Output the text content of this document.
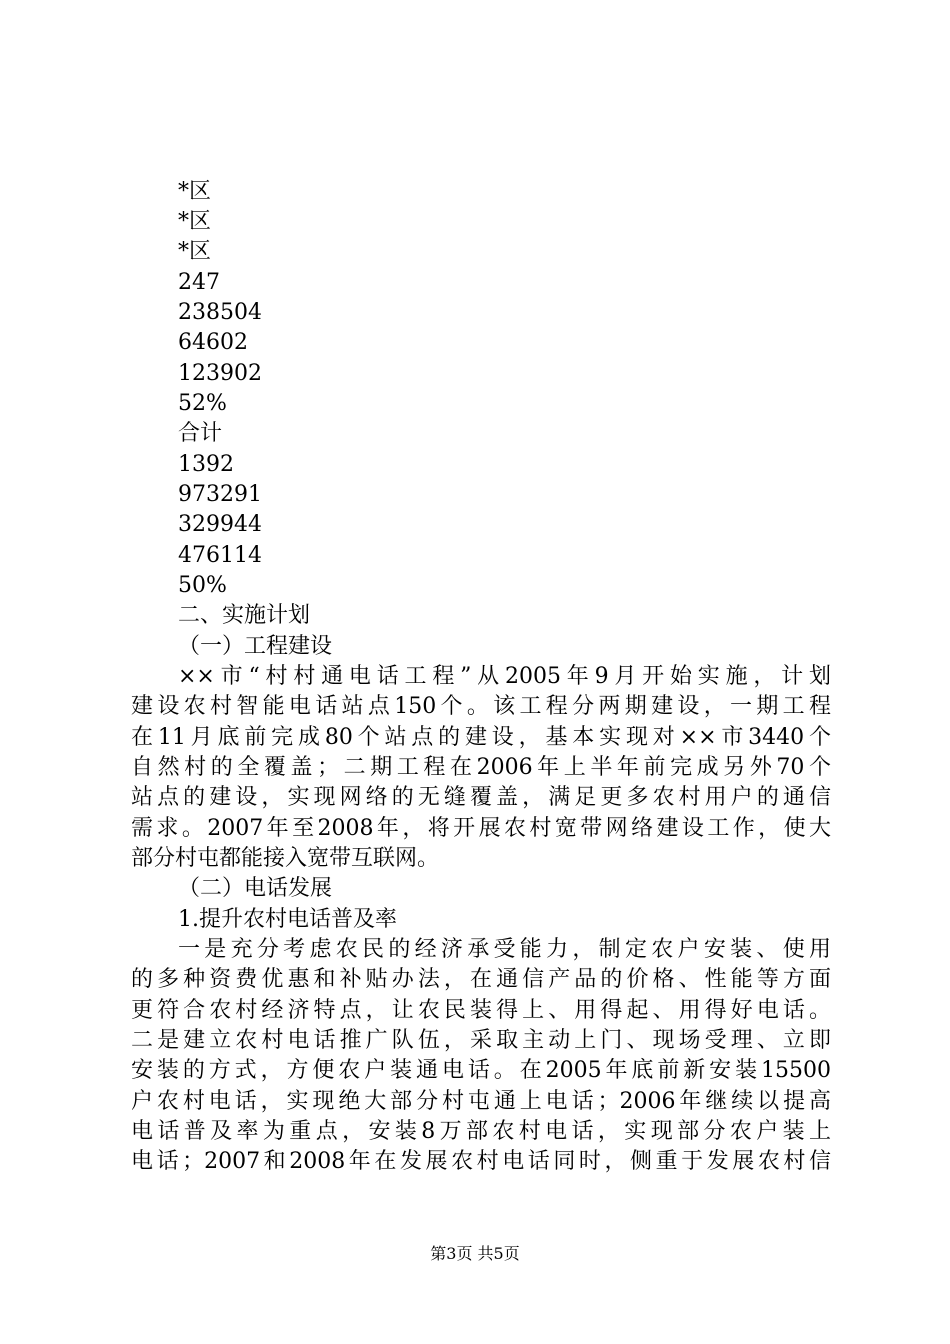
*区
*区
*区
247
238504
64602
123902
52%
合计
1392
973291
329944
476114
50%
二、实施计划
（一）工程建设
××市“村村通电话工程”从2005年9月开始实施，计划
建设农村智能电话站点150个。该工程分两期建设，一期工程
在11月底前完成80个站点的建设，基本实现对××市3440个
自然村的全覆盖；二期工程在2006年上半年前完成另外70个
站点的建设，实现网络的无缝覆盖，满足更多农村用户的通信
需求。2007年至2008年，将开展农村宽带网络建设工作，使大
部分村屯都能接入宽带互联网。
（二）电话发展
1.提升农村电话普及率
一是充分考虑农民的经济承受能力，制定农户安装、使用
的多种资费优惠和补贴办法，在通信产品的价格、性能等方面
更符合农村经济特点，让农民装得上、用得起、用得好电话。
二是建立农村电话推广队伍，采取主动上门、现场受理、立即
安装的方式，方便农户装通电话。在2005年底前新安装15500
户农村电话，实现绝大部分村屯通上电话；2006年继续以提高
电话普及率为重点，安装8万部农村电话，实现部分农户装上
电话；2007和2008年在发展农村电话同时，侧重于发展农村信
第3页 共5页
